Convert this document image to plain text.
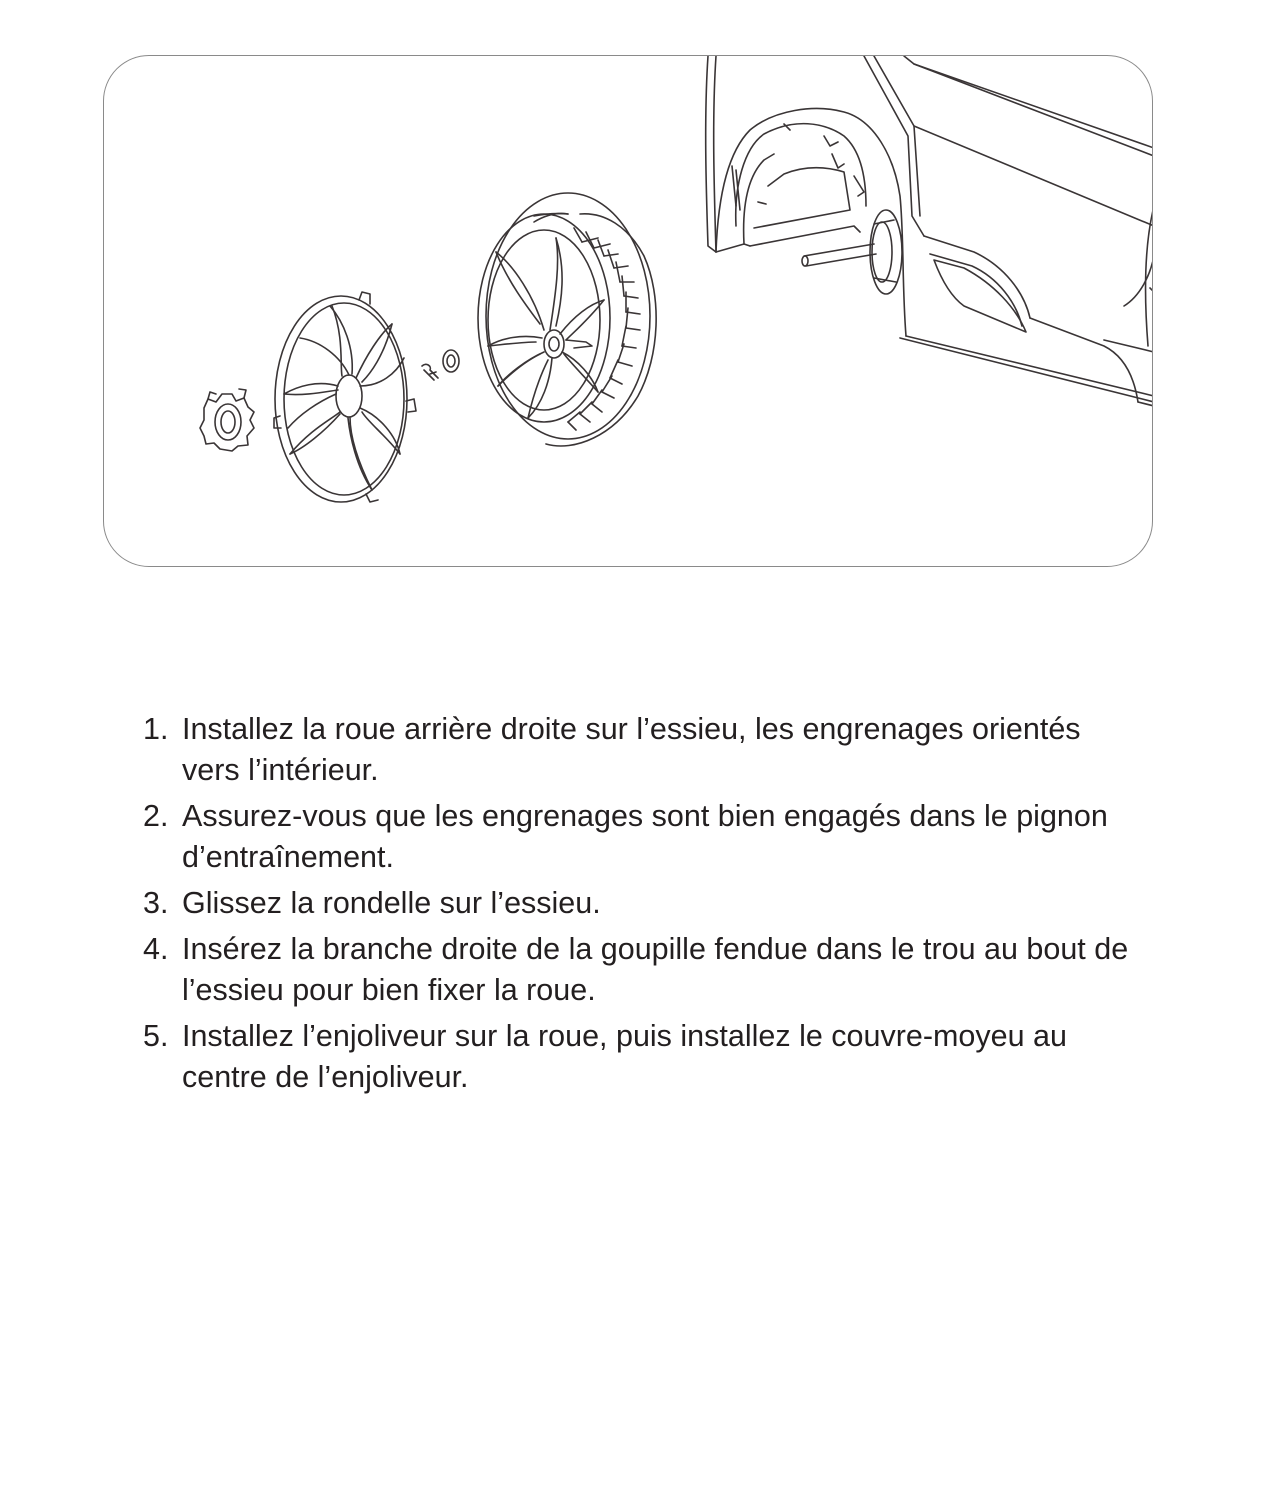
1. Installez la roue arrière droite sur l’essieu, les engrenages orientés vers l’intérieur.
2. Assurez-vous que les engrenages sont bien engagés dans le pignon d’entraînement.
3. Glissez la rondelle sur l’essieu.
4. Insérez la branche droite de la goupille fendue dans le trou au bout de l’essieu pour bien fixer la roue.
5. Installez l’enjoliveur sur la roue, puis installez le couvre-moyeu au centre de l’enjoliveur.
